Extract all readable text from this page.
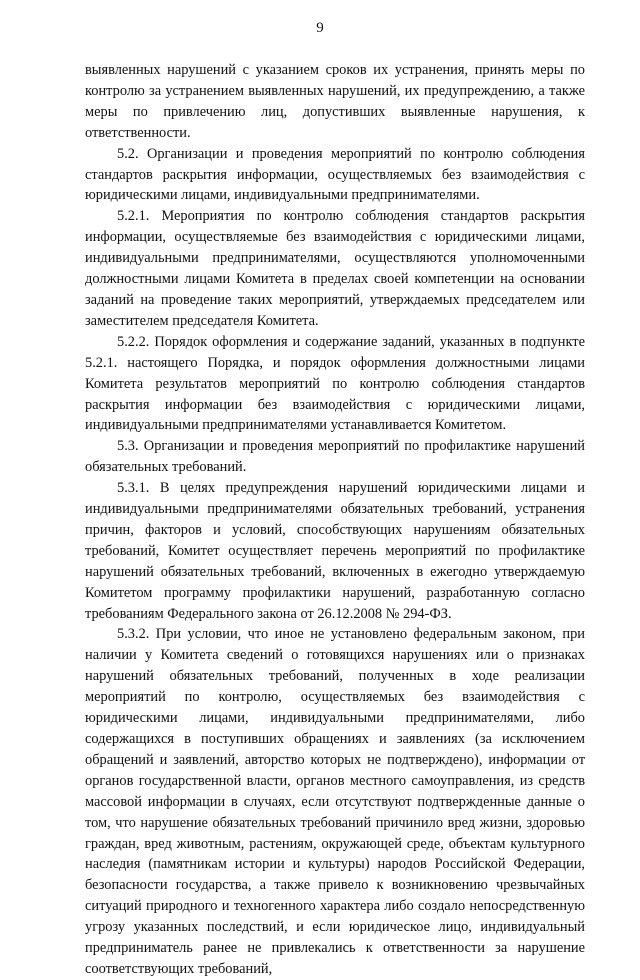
9

выявленных нарушений с указанием сроков их устранения, принять меры по контролю за устранением выявленных нарушений, их предупреждению, а также меры по привлечению лиц, допустивших выявленные нарушения, к ответственности.

5.2. Организации и проведения мероприятий по контролю соблюдения стандартов раскрытия информации, осуществляемых без взаимодействия с юридическими лицами, индивидуальными предпринимателями.

5.2.1. Мероприятия по контролю соблюдения стандартов раскрытия информации, осуществляемые без взаимодействия с юридическими лицами, индивидуальными предпринимателями, осуществляются уполномоченными должностными лицами Комитета в пределах своей компетенции на основании заданий на проведение таких мероприятий, утверждаемых председателем или заместителем председателя Комитета.

5.2.2. Порядок оформления и содержание заданий, указанных в подпункте 5.2.1. настоящего Порядка, и порядок оформления должностными лицами Комитета результатов мероприятий по контролю соблюдения стандартов раскрытия информации без взаимодействия с юридическими лицами, индивидуальными предпринимателями устанавливается Комитетом.

5.3. Организации и проведения мероприятий по профилактике нарушений обязательных требований.

5.3.1. В целях предупреждения нарушений юридическими лицами и индивидуальными предпринимателями обязательных требований, устранения причин, факторов и условий, способствующих нарушениям обязательных требований, Комитет осуществляет перечень мероприятий по профилактике нарушений обязательных требований, включенных в ежегодно утверждаемую Комитетом программу профилактики нарушений, разработанную согласно требованиям Федерального закона от 26.12.2008 № 294-ФЗ.

5.3.2. При условии, что иное не установлено федеральным законом, при наличии у Комитета сведений о готовящихся нарушениях или о признаках нарушений обязательных требований, полученных в ходе реализации мероприятий по контролю, осуществляемых без взаимодействия с юридическими лицами, индивидуальными предпринимателями, либо содержащихся в поступивших обращениях и заявлениях (за исключением обращений и заявлений, авторство которых не подтверждено), информации от органов государственной власти, органов местного самоуправления, из средств массовой информации в случаях, если отсутствуют подтвержденные данные о том, что нарушение обязательных требований причинило вред жизни, здоровью граждан, вред животным, растениям, окружающей среде, объектам культурного наследия (памятникам истории и культуры) народов Российской Федерации, безопасности государства, а также привело к возникновению чрезвычайных ситуаций природного и техногенного характера либо создало непосредственную угрозу указанных последствий, и если юридическое лицо, индивидуальный предприниматель ранее не привлекались к ответственности за нарушение соответствующих требований,
